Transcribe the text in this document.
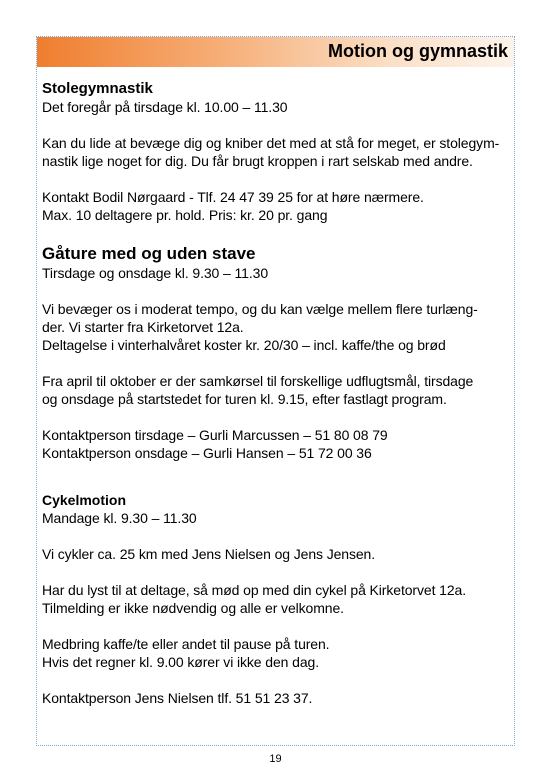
Motion og gymnastik

Stolegymnastik

Det foregår på tirsdage kl. 10.00 – 11.30

Kan du lide at bevæge dig og kniber det med at stå for meget, er stolegym-

nastik lige noget for dig. Du får brugt kroppen i rart selskab med andre.

Kontakt Bodil Nørgaard - Tlf. 24 47 39 25 for at høre nærmere.

Max. 10 deltagere pr. hold. Pris: kr. 20 pr. gang

Gåture med og uden stave

Tirsdage og onsdage kl. 9.30 – 11.30

Vi bevæger os i moderat tempo, og du kan vælge mellem flere turlæng-

der. Vi starter fra Kirketorvet 12a.

Deltagelse i vinterhalvåret koster kr. 20/30 – incl. kaffe/the og brød

Fra april til oktober er der samkørsel til forskellige udflugtsmål, tirsdage

og onsdage på startstedet for turen kl. 9.15, efter fastlagt program.

Kontaktperson tirsdage – Gurli Marcussen – 51 80 08 79

Kontaktperson onsdage – Gurli Hansen – 51 72 00 36

Cykelmotion

Mandage kl. 9.30 – 11.30

Vi cykler ca. 25 km med Jens Nielsen og Jens Jensen.

Har du lyst til at deltage, så mød op med din cykel på Kirketorvet 12a.

Tilmelding er ikke nødvendig og alle er velkomne.

Medbring kaffe/te eller andet til pause på turen.

Hvis det regner kl. 9.00 kører vi ikke den dag.

Kontaktperson Jens Nielsen tlf. 51 51 23 37.

19
